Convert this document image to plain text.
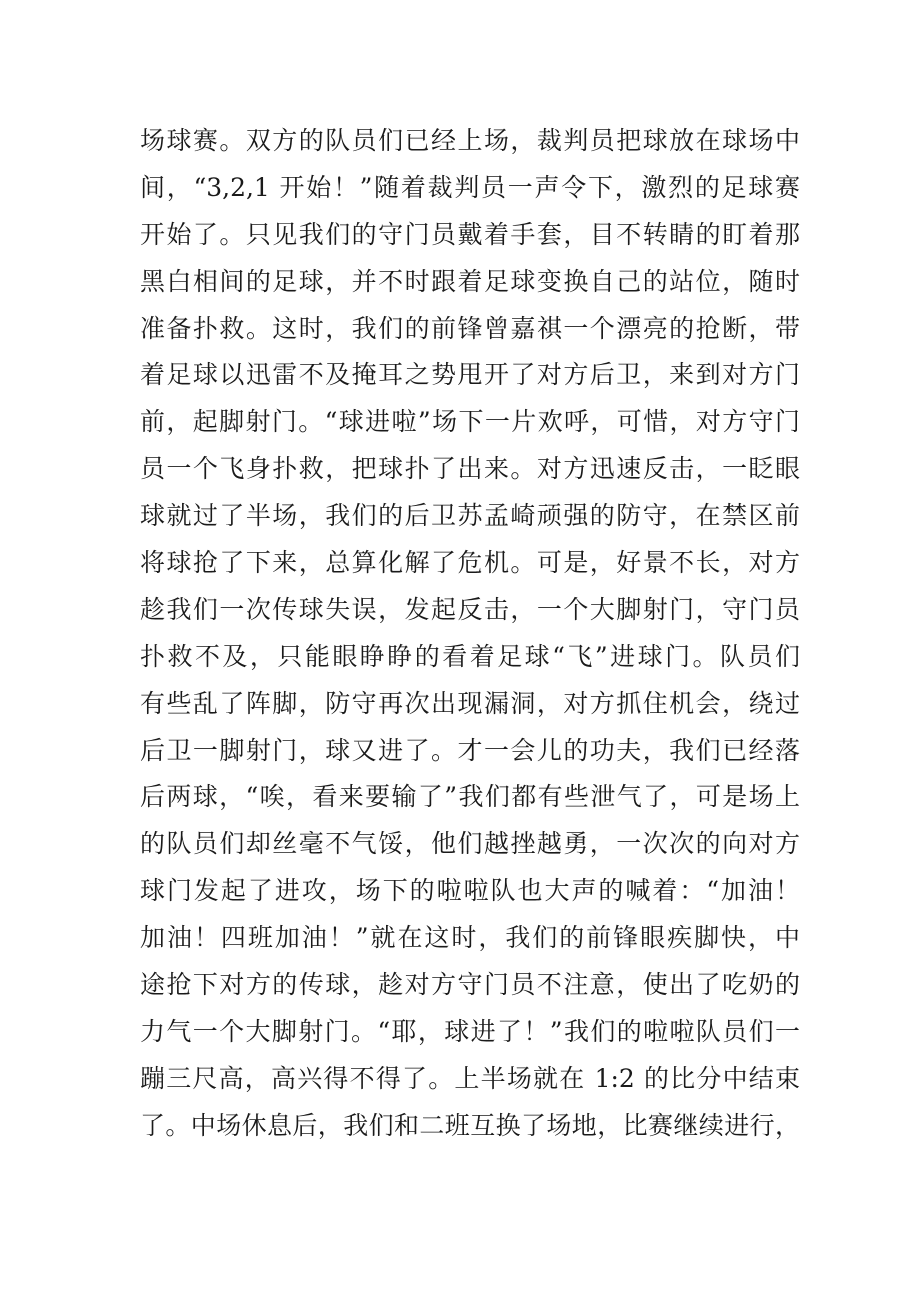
场球赛。双方的队员们已经上场，裁判员把球放在球场中
间，“3,2,1 开始！”随着裁判员一声令下，激烈的足球赛
开始了。只见我们的守门员戴着手套，目不转睛的盯着那
黑白相间的足球，并不时跟着足球变换自己的站位，随时
准备扑救。这时，我们的前锋曾嘉祺一个漂亮的抢断，带
着足球以迅雷不及掩耳之势甩开了对方后卫，来到对方门
前，起脚射门。“球进啦”场下一片欢呼，可惜，对方守门
员一个飞身扑救，把球扑了出来。对方迅速反击，一眨眼
球就过了半场，我们的后卫苏孟崎顽强的防守，在禁区前
将球抢了下来，总算化解了危机。可是，好景不长，对方
趁我们一次传球失误，发起反击，一个大脚射门，守门员
扑救不及，只能眼睁睁的看着足球“飞”进球门。队员们
有些乱了阵脚，防守再次出现漏洞，对方抓住机会，绕过
后卫一脚射门，球又进了。才一会儿的功夫，我们已经落
后两球，“唉，看来要输了”我们都有些泄气了，可是场上
的队员们却丝毫不气馁，他们越挫越勇，一次次的向对方
球门发起了进攻，场下的啦啦队也大声的喊着：“加油！
加油！四班加油！”就在这时，我们的前锋眼疾脚快，中
途抢下对方的传球，趁对方守门员不注意，使出了吃奶的
力气一个大脚射门。“耶，球进了！”我们的啦啦队员们一
蹦三尺高，高兴得不得了。上半场就在 1:2 的比分中结束
了。中场休息后，我们和二班互换了场地，比赛继续进行，
